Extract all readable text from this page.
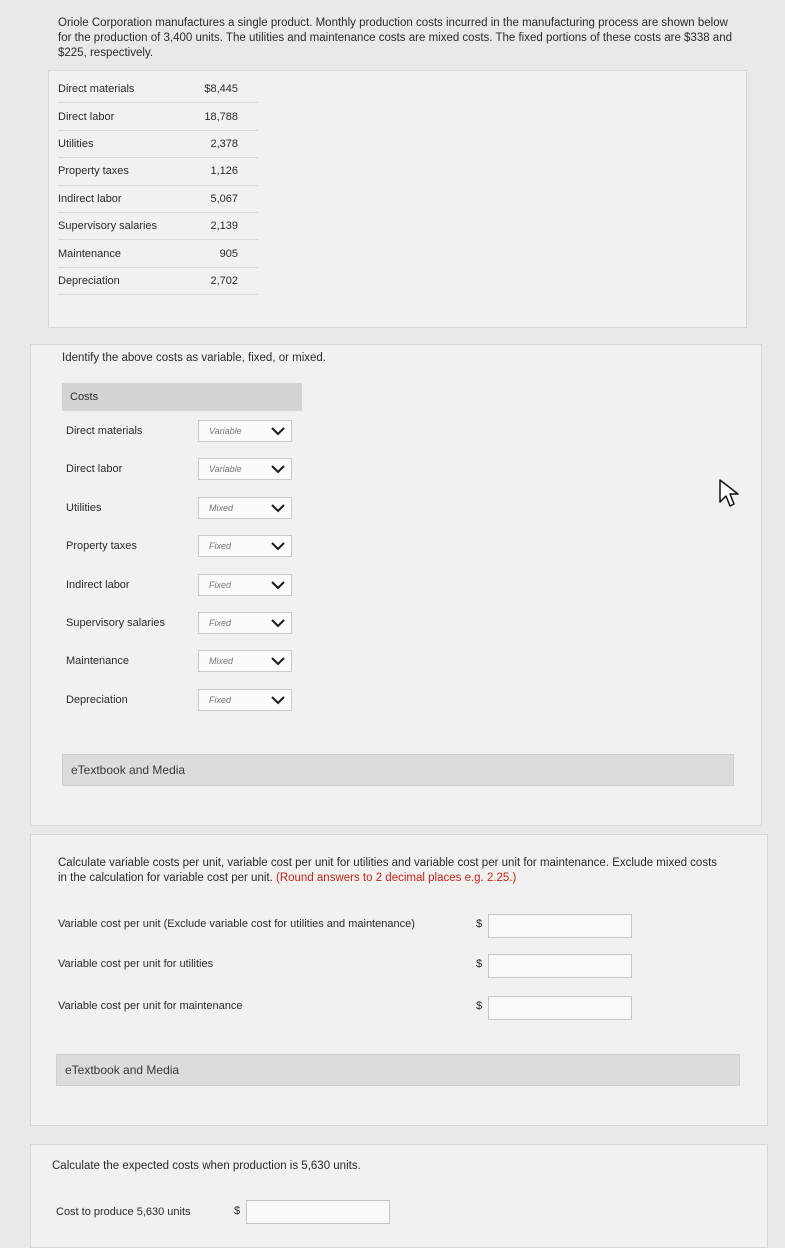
Oriole Corporation manufactures a single product. Monthly production costs incurred in the manufacturing process are shown below for the production of 3,400 units. The utilities and maintenance costs are mixed costs. The fixed portions of these costs are $338 and $225, respectively.
Direct materials	$8,445
Direct labor	18,788
Utilities	2,378
Property taxes	1,126
Indirect labor	5,067
Supervisory salaries	2,139
Maintenance	905
Depreciation	2,702
Identify the above costs as variable, fixed, or mixed.
Costs
Direct materials	Variable
Direct labor	Variable
Utilities	Mixed
Property taxes	Fixed
Indirect labor	Fixed
Supervisory salaries	Fixed
Maintenance	Mixed
Depreciation	Fixed
eTextbook and Media
Calculate variable costs per unit, variable cost per unit for utilities and variable cost per unit for maintenance. Exclude mixed costs in the calculation for variable cost per unit. (Round answers to 2 decimal places e.g. 2.25.)
Variable cost per unit (Exclude variable cost for utilities and maintenance)	$
Variable cost per unit for utilities	$
Variable cost per unit for maintenance	$
eTextbook and Media
Calculate the expected costs when production is 5,630 units.
Cost to produce 5,630 units	$
